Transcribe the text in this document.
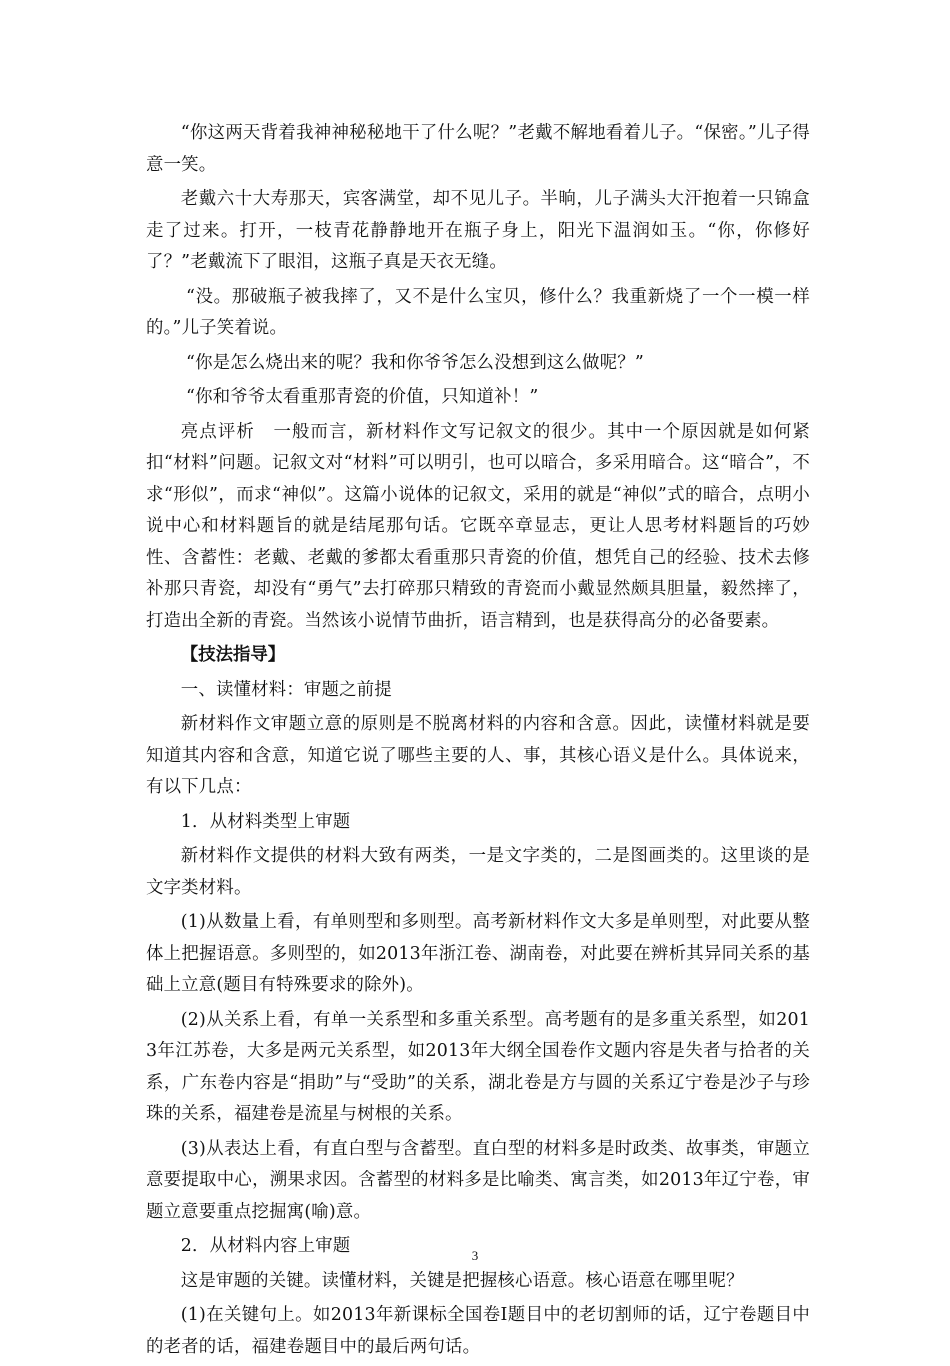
“你这两天背着我神神秘秘地干了什么呢？”老戴不解地看着儿子。“保密。”儿子得意一笑。

老戴六十大寿那天，宾客满堂，却不见儿子。半晌，儿子满头大汗抱着一只锦盒走了过来。打开，一枝青花静静地开在瓶子身上，阳光下温润如玉。“你，你修好了？”老戴流下了眼泪，这瓶子真是天衣无缝。

“没。那破瓶子被我摔了，又不是什么宝贝，修什么？我重新烧了一个一模一样的。”儿子笑着说。

“你是怎么烧出来的呢？我和你爷爷怎么没想到这么做呢？”

“你和爷爷太看重那青瓷的价值，只知道补！”

亮点评析　一般而言，新材料作文写记叙文的很少。其中一个原因就是如何紧扣“材料”问题。记叙文对“材料”可以明引，也可以暗合，多采用暗合。这“暗合”，不求“形似”，而求“神似”。这篇小说体的记叙文，采用的就是“神似”式的暗合，点明小说中心和材料题旨的就是结尾那句话。它既卒章显志，更让人思考材料题旨的巧妙性、含蓄性：老戴、老戴的爹都太看重那只青瓷的价值，想凭自己的经验、技术去修补那只青瓷，却没有“勇气”去打碎那只精致的青瓷而小戴显然颇具胆量，毅然摔了，打造出全新的青瓷。当然该小说情节曲折，语言精到，也是获得高分的必备要素。

【技法指导】

一、读懂材料：审题之前提

新材料作文审题立意的原则是不脱离材料的内容和含意。因此，读懂材料就是要知道其内容和含意，知道它说了哪些主要的人、事，其核心语义是什么。具体说来，有以下几点：

1．从材料类型上审题

新材料作文提供的材料大致有两类，一是文字类的，二是图画类的。这里谈的是文字类材料。

(1)从数量上看，有单则型和多则型。高考新材料作文大多是单则型，对此要从整体上把握语意。多则型的，如2013年浙江卷、湖南卷，对此要在辨析其异同关系的基础上立意(题目有特殊要求的除外)。

(2)从关系上看，有单一关系型和多重关系型。高考题有的是多重关系型，如2013年江苏卷，大多是两元关系型，如2013年大纲全国卷作文题内容是失者与拾者的关系，广东卷内容是“捐助”与“受助”的关系，湖北卷是方与圆的关系辽宁卷是沙子与珍珠的关系，福建卷是流星与树根的关系。

(3)从表达上看，有直白型与含蓄型。直白型的材料多是时政类、故事类，审题立意要提取中心，溯果求因。含蓄型的材料多是比喻类、寓言类，如2013年辽宁卷，审题立意要重点挖掘寓(喻)意。

2．从材料内容上审题

这是审题的关键。读懂材料，关键是把握核心语意。核心语意在哪里呢？

(1)在关键句上。如2013年新课标全国卷Ⅰ题目中的老切割师的话，辽宁卷题目中的老者的话，福建卷题目中的最后两句话。

3
